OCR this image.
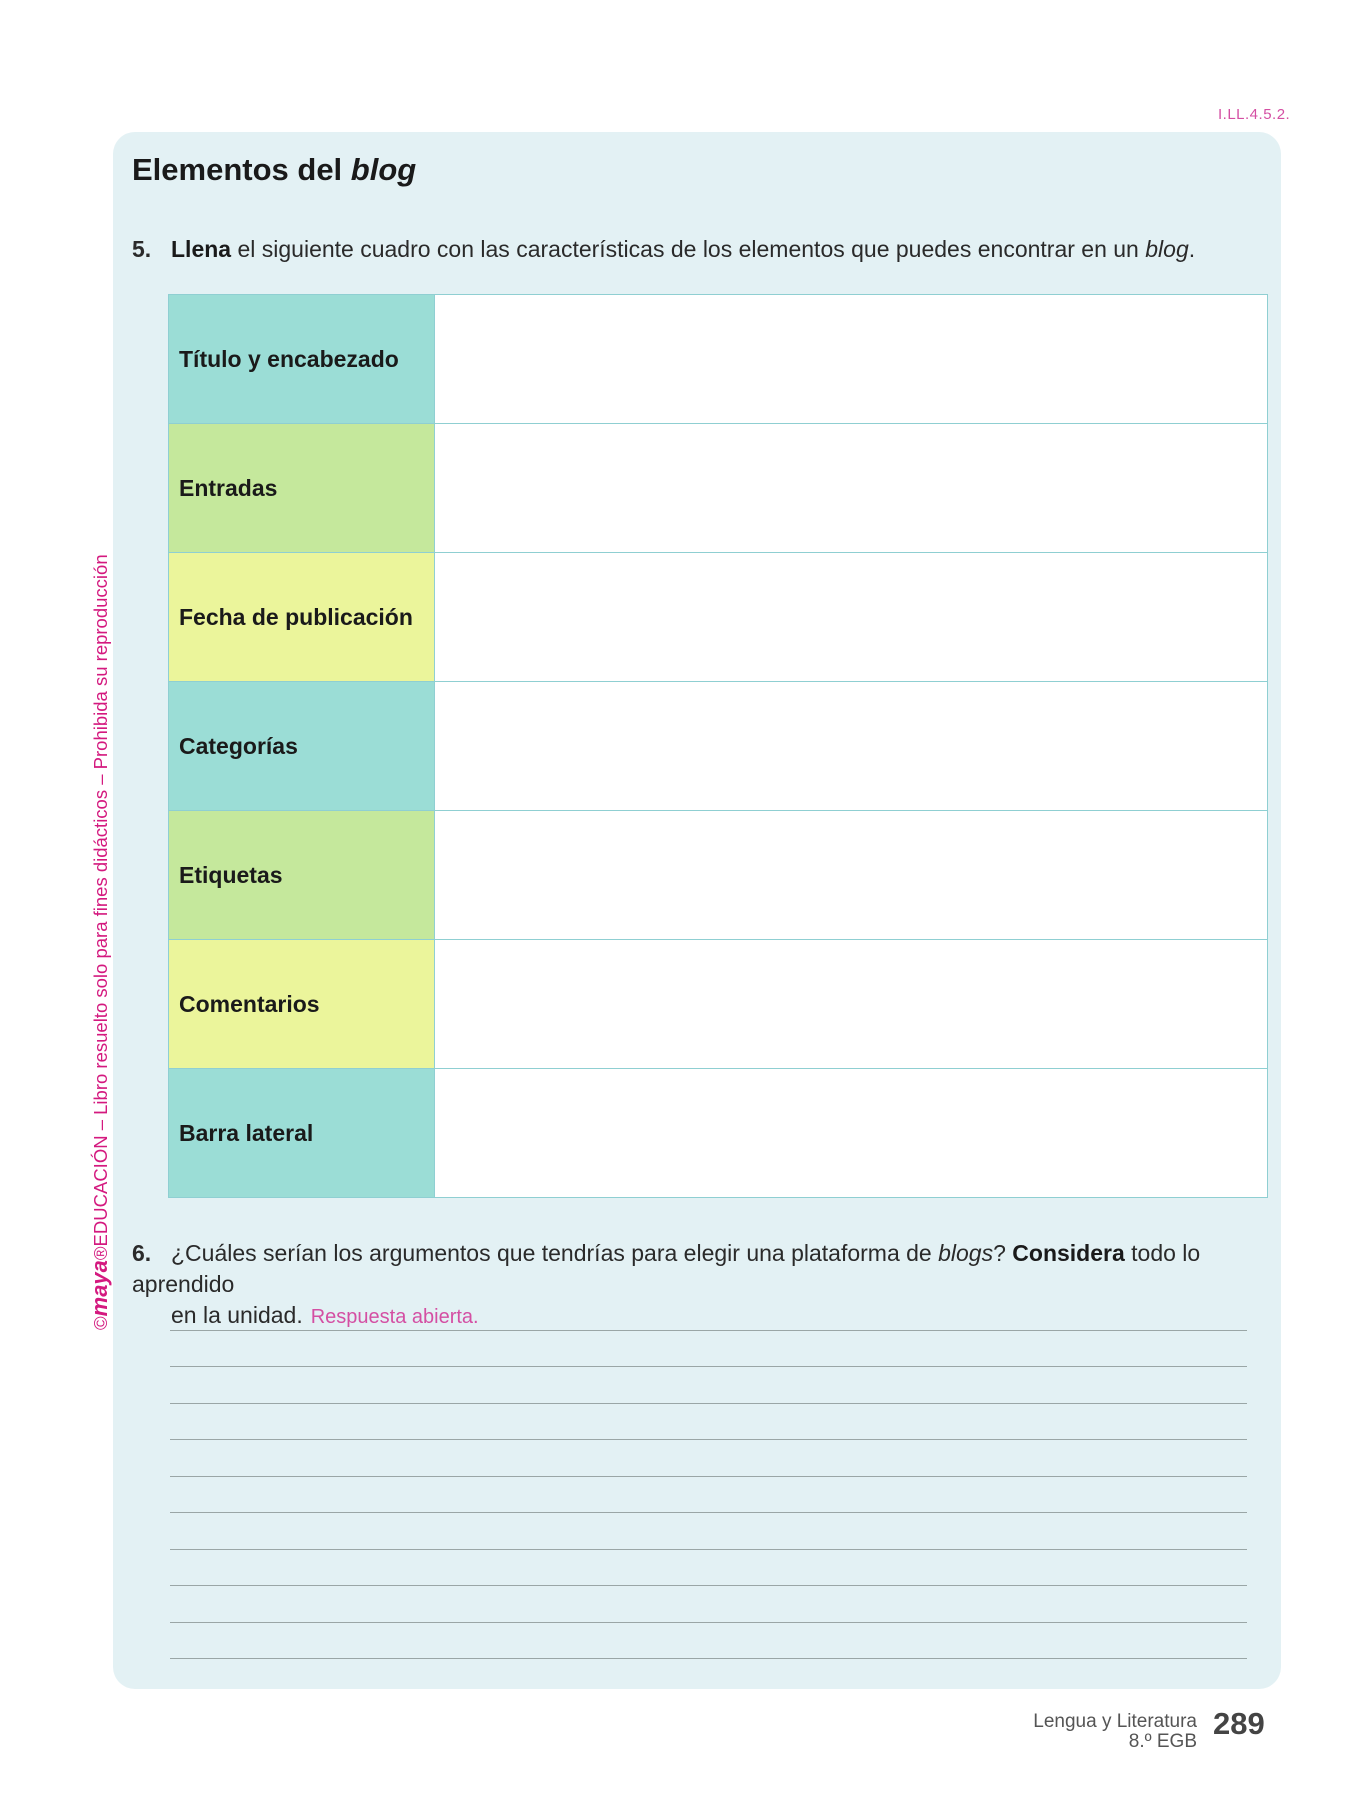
I.LL.4.5.2.
Elementos del blog
5. Llena el siguiente cuadro con las características de los elementos que puedes encontrar en un blog.
Título y encabezado	
Entradas	
Fecha de publicación	
Categorías	
Etiquetas	
Comentarios	
Barra lateral	
6. ¿Cuáles serían los argumentos que tendrías para elegir una plataforma de blogs? Considera todo lo aprendido
en la unidad. Respuesta abierta.
©maya®EDUCACIÓN – Libro resuelto solo para fines didácticos – Prohibida su reproducción
Lengua y Literatura
8.º EGB
289
